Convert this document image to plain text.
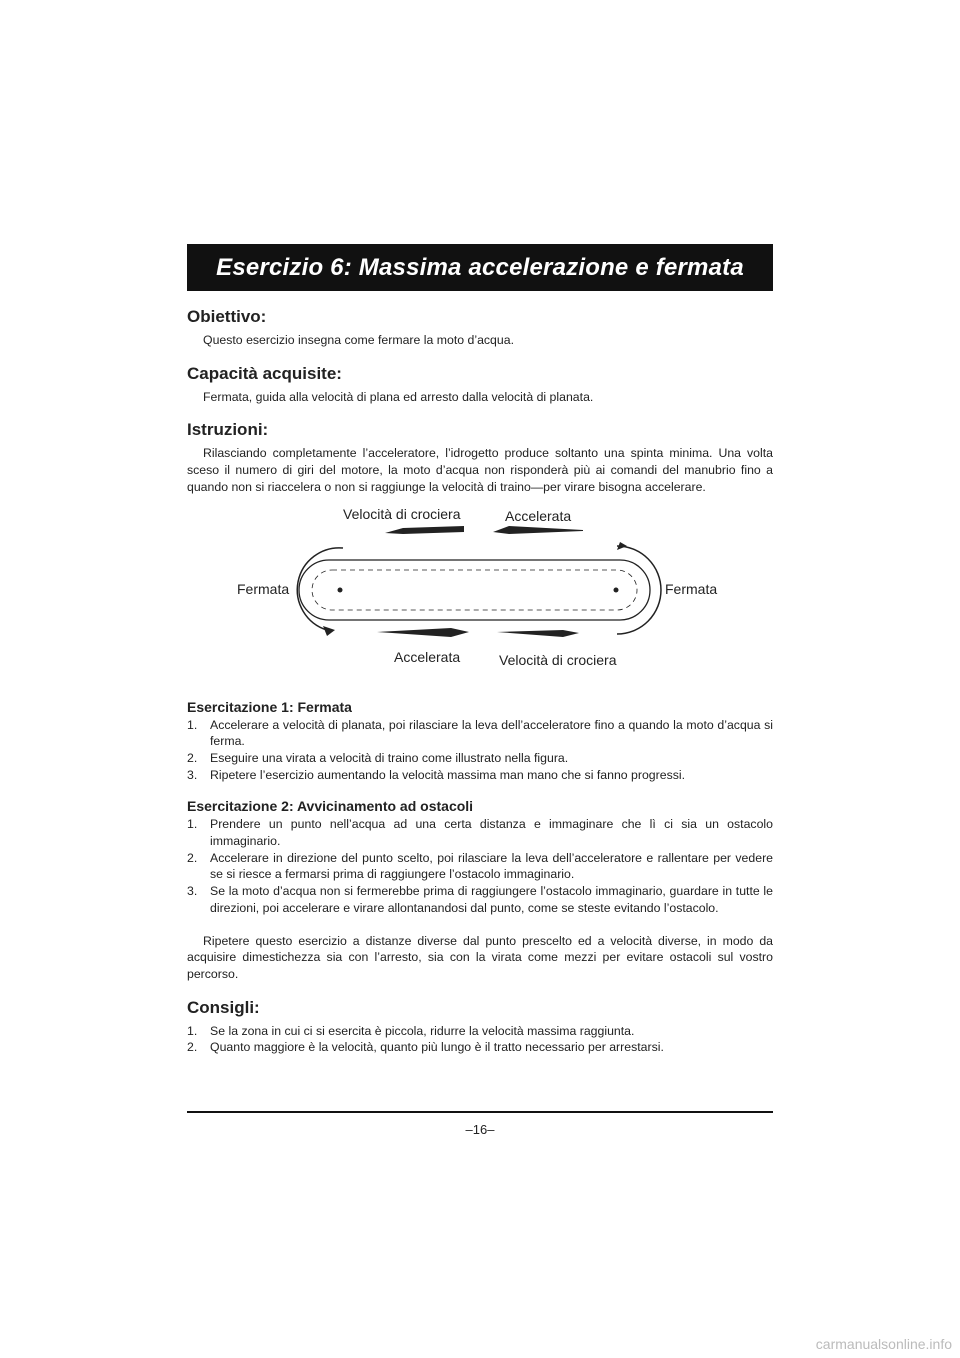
Esercizio 6: Massima accelerazione e fermata
Obiettivo:

Questo esercizio insegna come fermare la moto d’acqua.

Capacità acquisite:

Fermata, guida alla velocità di plana ed arresto dalla velocità di planata.

Istruzioni:

Rilasciando completamente l’acceleratore, l’idrogetto produce soltanto una spinta minima. Una volta sceso il numero di giri del motore, la moto d’acqua non risponderà più ai comandi del manubrio fino a quando non si riaccelera o non si raggiunge la velocità di traino—per virare bisogna accelerare.

Velocità di crociera	Accelerata
Fermata	Fermata
Accelerata	Velocità di crociera
Esercitazione 1: Fermata
1. Accelerare a velocità di planata, poi rilasciare la leva dell’acceleratore fino a quando la moto d’acqua si ferma.
2. Eseguire una virata a velocità di traino come illustrato nella figura.
3. Ripetere l’esercizio aumentando la velocità massima man mano che si fanno progressi.
Esercitazione 2: Avvicinamento ad ostacoli
1. Prendere un punto nell’acqua ad una certa distanza e immaginare che lì ci sia un ostacolo immaginario.
2. Accelerare in direzione del punto scelto, poi rilasciare la leva dell’acceleratore e rallentare per vedere se si riesce a fermarsi prima di raggiungere l’ostacolo immaginario.
3. Se la moto d’acqua non si fermerebbe prima di raggiungere l’ostacolo immaginario, guardare in tutte le direzioni, poi accelerare e virare allontanandosi dal punto, come se steste evitando l’ostacolo.

Ripetere questo esercizio a distanze diverse dal punto prescelto ed a velocità diverse, in modo da acquisire dimestichezza sia con l’arresto, sia con la virata come mezzi per evitare ostacoli sul vostro percorso.

Consigli:
1. Se la zona in cui ci si esercita è piccola, ridurre la velocità massima raggiunta.
2. Quanto maggiore è la velocità, quanto più lungo è il tratto necessario per arrestarsi.
–16–
carmanualsonline.info
